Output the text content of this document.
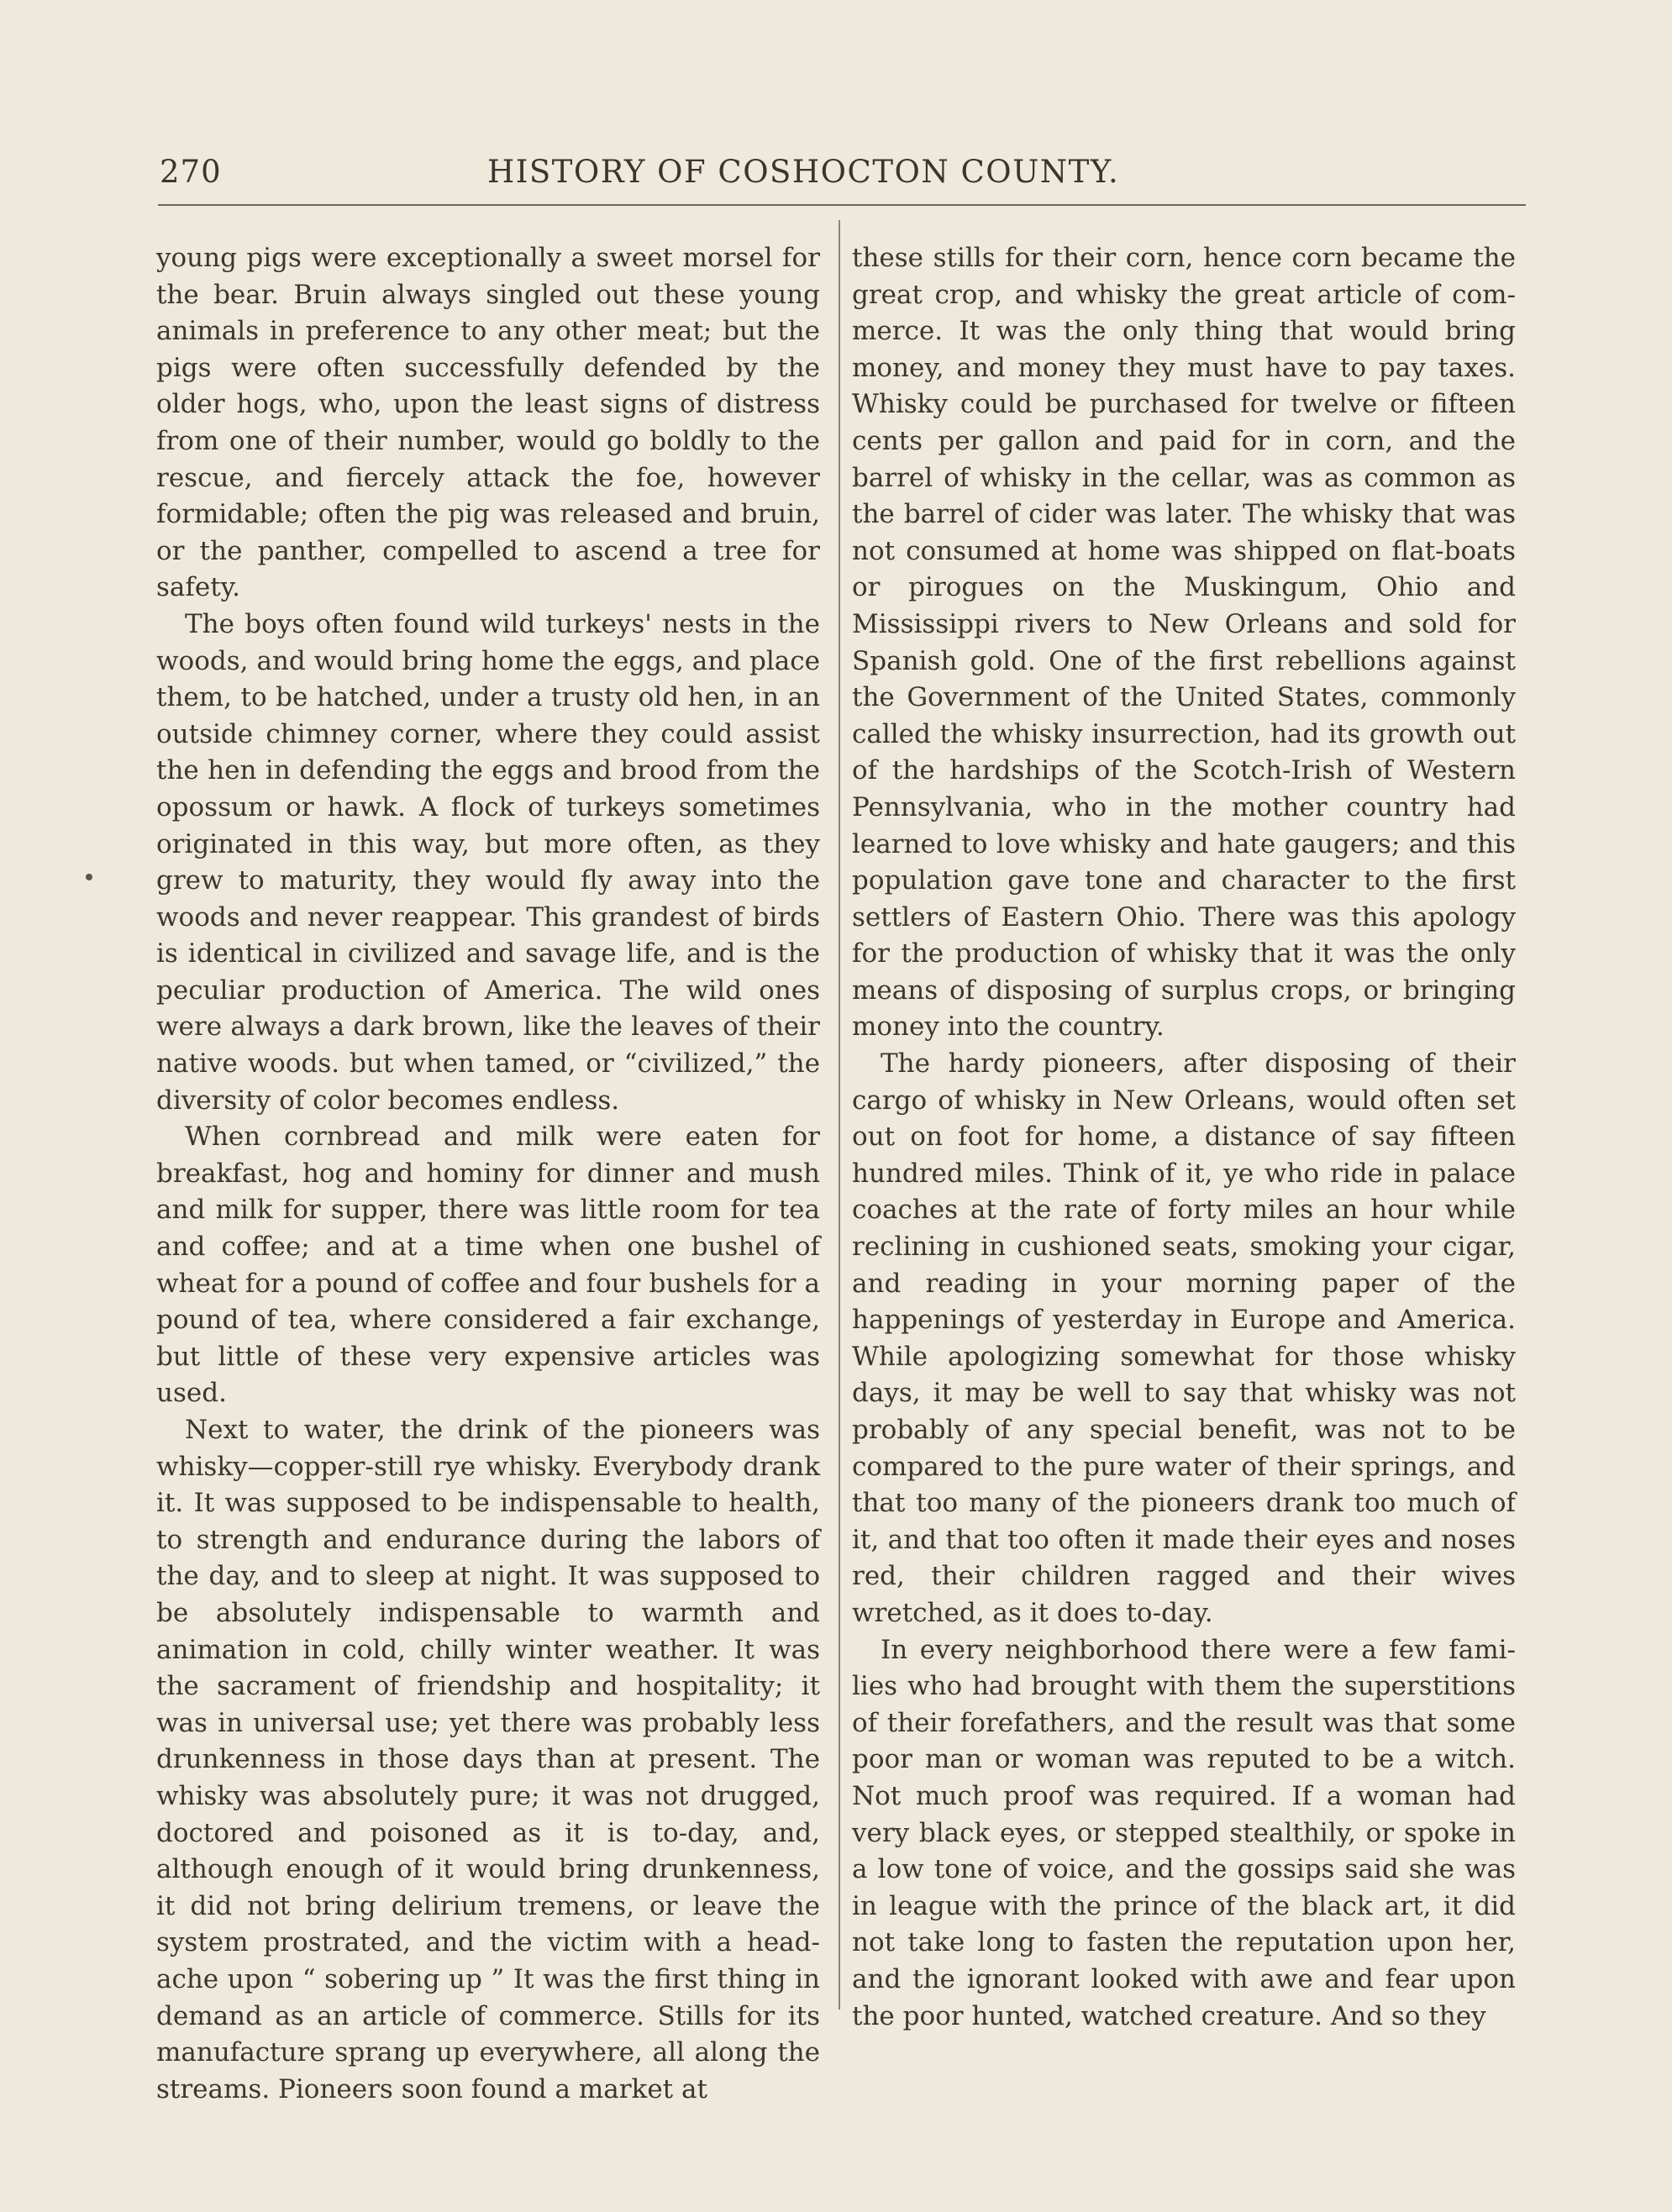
270	HISTORY OF COSHOCTON COUNTY.

young pigs were exceptionally a sweet morsel for the bear. Bruin always singled out these young animals in preference to any other meat; but the pigs were often successfully defended by the older hogs, who, upon the least signs of distress from one of their number, would go boldly to the rescue, and fiercely attack the foe, however formidable; often the pig was released and bruin, or the panther, compelled to ascend a tree for safety.

The boys often found wild turkeys' nests in the woods, and would bring home the eggs, and place them, to be hatched, under a trusty old hen, in an outside chimney corner, where they could assist the hen in defending the eggs and brood from the opossum or hawk. A flock of turkeys sometimes originated in this way, but more often, as they grew to maturity, they would fly away into the woods and never reappear. This grandest of birds is identical in civilized and savage life, and is the peculiar production of America. The wild ones were always a dark brown, like the leaves of their native woods. but when tamed, or “civilized,” the diversity of color becomes endless.

When cornbread and milk were eaten for breakfast, hog and hominy for dinner and mush and milk for supper, there was little room for tea and coffee; and at a time when one bushel of wheat for a pound of coffee and four bushels for a pound of tea, where considered a fair exchange, but little of these very expensive articles was used.

Next to water, the drink of the pioneers was whisky—copper-still rye whisky. Everybody drank it. It was supposed to be indispensable to health, to strength and endurance during the labors of the day, and to sleep at night. It was supposed to be absolutely indispensable to warmth and animation in cold, chilly winter weather. It was the sacrament of friendship and hospitality; it was in universal use; yet there was probably less drunkenness in those days than at present. The whisky was absolutely pure; it was not drugged, doctored and poisoned as it is to-day, and, although enough of it would bring drunkenness, it did not bring delirium tremens, or leave the system prostrated, and the victim with a headache upon “ sobering up ” It was the first thing in demand as an article of commerce. Stills for its manufacture sprang up everywhere, all along the streams. Pioneers soon found a market at

these stills for their corn, hence corn became the great crop, and whisky the great article of commerce. It was the only thing that would bring money, and money they must have to pay taxes. Whisky could be purchased for twelve or fifteen cents per gallon and paid for in corn, and the barrel of whisky in the cellar, was as common as the barrel of cider was later. The whisky that was not consumed at home was shipped on flat-boats or pirogues on the Muskingum, Ohio and Mississippi rivers to New Orleans and sold for Spanish gold. One of the first rebellions against the Government of the United States, commonly called the whisky insurrection, had its growth out of the hardships of the Scotch-Irish of Western Pennsylvania, who in the mother country had learned to love whisky and hate gaugers; and this population gave tone and character to the first settlers of Eastern Ohio. There was this apology for the production of whisky that it was the only means of disposing of surplus crops, or bringing money into the country.

The hardy pioneers, after disposing of their cargo of whisky in New Orleans, would often set out on foot for home, a distance of say fifteen hundred miles. Think of it, ye who ride in palace coaches at the rate of forty miles an hour while reclining in cushioned seats, smoking your cigar, and reading in your morning paper of the happenings of yesterday in Europe and America. While apologizing somewhat for those whisky days, it may be well to say that whisky was not probably of any special benefit, was not to be compared to the pure water of their springs, and that too many of the pioneers drank too much of it, and that too often it made their eyes and noses red, their children ragged and their wives wretched, as it does to-day.

In every neighborhood there were a few families who had brought with them the superstitions of their forefathers, and the result was that some poor man or woman was reputed to be a witch. Not much proof was required. If a woman had very black eyes, or stepped stealthily, or spoke in a low tone of voice, and the gossips said she was in league with the prince of the black art, it did not take long to fasten the reputation upon her, and the ignorant looked with awe and fear upon the poor hunted, watched creature. And so they
